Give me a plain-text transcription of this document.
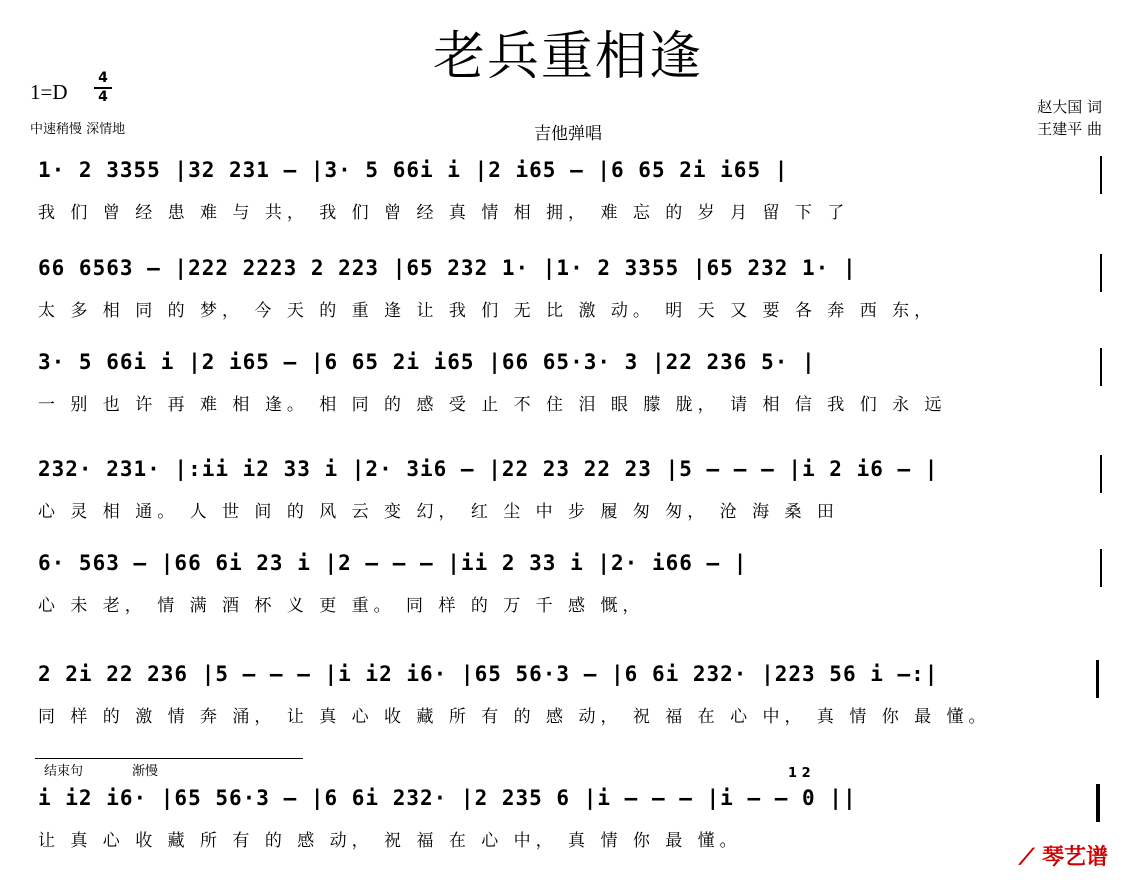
老兵重相逢
1=D
4
4
中速稍慢 深情地	吉他弹唱
赵大国 词
王建平 曲
1· 2 3355 |32 231 – |3· 5 66i i |2 i65 – |6 65 2i i65 |
我 们 曾 经 患 难 与 共， 我 们 曾 经 真 情 相 拥， 难 忘 的 岁 月 留 下 了
66 6563 – |222 2223 2 223 |65 232 1· |1· 2 3355 |65 232 1· |
太 多 相 同 的 梦， 今 天 的 重 逢 让 我 们 无 比 激 动。 明 天 又 要 各 奔 西 东，
3· 5 66i i |2 i65 – |6 65 2i i65 |66 65·3· 3 |22 236 5· |
一 别 也 许 再 难 相 逢。 相 同 的 感 受 止 不 住 泪 眼 朦 胧， 请 相 信 我 们 永 远
232· 231· |:ii i2 33 i |2· 3i6 – |22 23 22 23 |5 – – – |i 2 i6 – |
心 灵 相 通。 人 世 间 的 风 云 变 幻， 红 尘 中 步 履 匆 匆， 沧 海 桑 田
6· 563 – |66 6i 23 i |2 – – – |ii 2 33 i |2· i66 – |
心 未 老， 情 满 酒 杯 义 更 重。 同 样 的 万 千 感 慨，
2 2i 22 236 |5 – – – |i i2 i6· |65 56·3 – |6 6i 232· |223 56 i –:|
同 样 的 激 情 奔 涌， 让 真 心 收 藏 所 有 的 感 动， 祝 福 在 心 中， 真 情 你 最 懂。
结束句	渐慢	1 2
i i2 i6· |65 56·3 – |6 6i 232· |2 235 6 |i – – – |i – – 0 ||
让 真 心 收 藏 所 有 的 感 动， 祝 福 在 心 中， 真 情 你 最 懂。
⟋ 琴艺谱
